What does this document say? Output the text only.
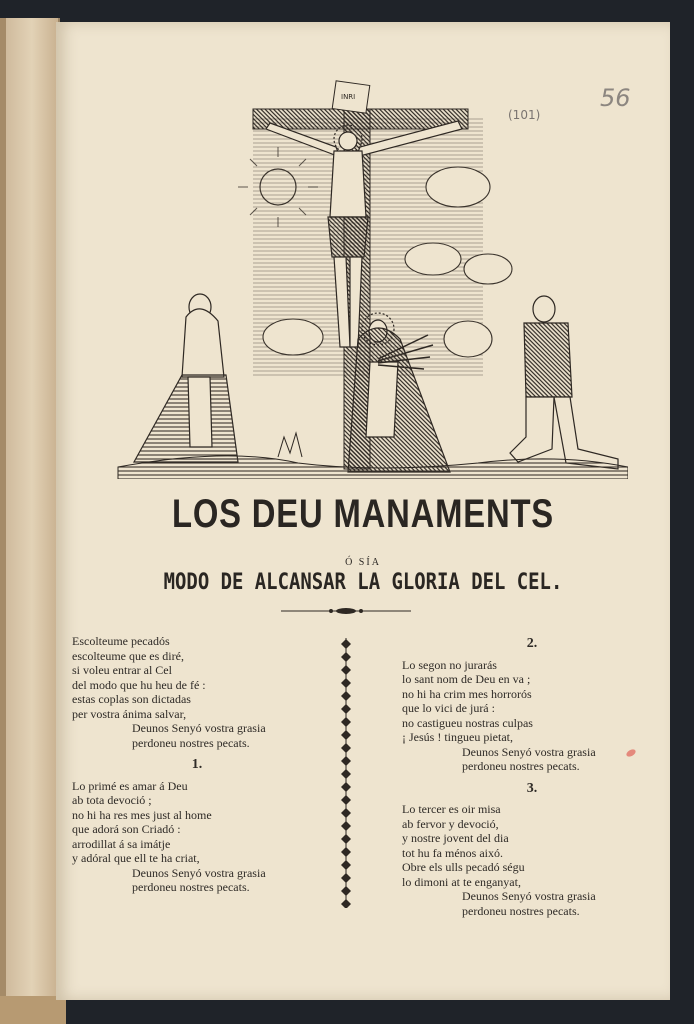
56
(101)
INRI
LOS DEU MANAMENTS
Ó SÍA
MODO DE ALCANSAR LA GLORIA DEL CEL.
Escolteume pecadós
escolteume que es diré,
si voleu entrar al Cel
del modo que hu heu de fé :
estas coplas son dictadas
per vostra ánima salvar,
Deunos Senyó vostra grasia
perdoneu nostres pecats.
1.
Lo primé es amar á Deu
ab tota devoció ;
no hi ha res mes just al home
que adorá son Criadó :
arrodillat á sa imátje
y adóral que ell te ha criat,
Deunos Senyó vostra grasia
perdoneu nostres pecats.
2.
Lo segon no jurarás
lo sant nom de Deu en va ;
no hi ha crim mes horrorós
que lo vici de jurá :
no castigueu nostras culpas
¡ Jesús ! tingueu pietat,
Deunos Senyó vostra grasia
perdoneu nostres pecats.
3.
Lo tercer es oir misa
ab fervor y devoció,
y nostre jovent del dia
tot hu fa ménos aixó.
Obre els ulls pecadó ségu
lo dimoni at te enganyat,
Deunos Senyó vostra grasia
perdoneu nostres pecats.
